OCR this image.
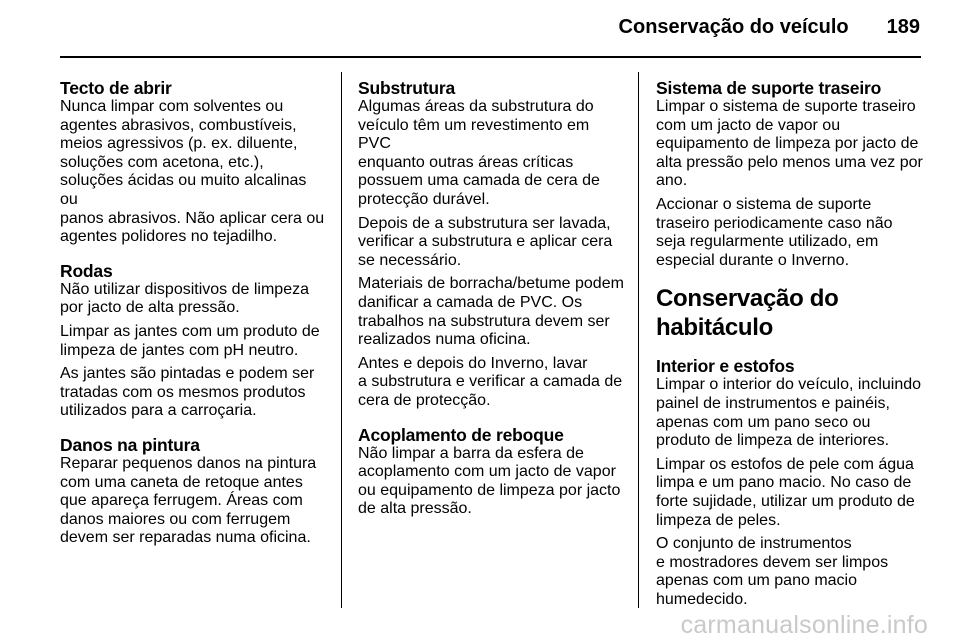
Conservação do veículo 189
Tecto de abrir

Nunca limpar com solventes ou
agentes abrasivos, combustíveis,
meios agressivos (p. ex. diluente,
soluções com acetona, etc.),
soluções ácidas ou muito alcalinas ou
panos abrasivos. Não aplicar cera ou
agentes polidores no tejadilho.

Rodas

Não utilizar dispositivos de limpeza
por jacto de alta pressão.

Limpar as jantes com um produto de
limpeza de jantes com pH neutro.

As jantes são pintadas e podem ser
tratadas com os mesmos produtos
utilizados para a carroçaria.

Danos na pintura

Reparar pequenos danos na pintura
com uma caneta de retoque antes
que apareça ferrugem. Áreas com
danos maiores ou com ferrugem
devem ser reparadas numa oficina.

Substrutura

Algumas áreas da substrutura do
veículo têm um revestimento em PVC
enquanto outras áreas críticas
possuem uma camada de cera de
protecção durável.

Depois de a substrutura ser lavada,
verificar a substrutura e aplicar cera
se necessário.

Materiais de borracha/betume podem
danificar a camada de PVC. Os
trabalhos na substrutura devem ser
realizados numa oficina.

Antes e depois do Inverno, lavar
a substrutura e verificar a camada de
cera de protecção.

Acoplamento de reboque

Não limpar a barra da esfera de
acoplamento com um jacto de vapor
ou equipamento de limpeza por jacto
de alta pressão.

Sistema de suporte traseiro

Limpar o sistema de suporte traseiro
com um jacto de vapor ou
equipamento de limpeza por jacto de
alta pressão pelo menos uma vez por
ano.

Accionar o sistema de suporte
traseiro periodicamente caso não
seja regularmente utilizado, em
especial durante o Inverno.

Conservação do
habitáculo
Interior e estofos

Limpar o interior do veículo, incluindo
painel de instrumentos e painéis,
apenas com um pano seco ou
produto de limpeza de interiores.

Limpar os estofos de pele com água
limpa e um pano macio. No caso de
forte sujidade, utilizar um produto de
limpeza de peles.

O conjunto de instrumentos
e mostradores devem ser limpos
apenas com um pano macio
humedecido.

carmanualsonline.info
